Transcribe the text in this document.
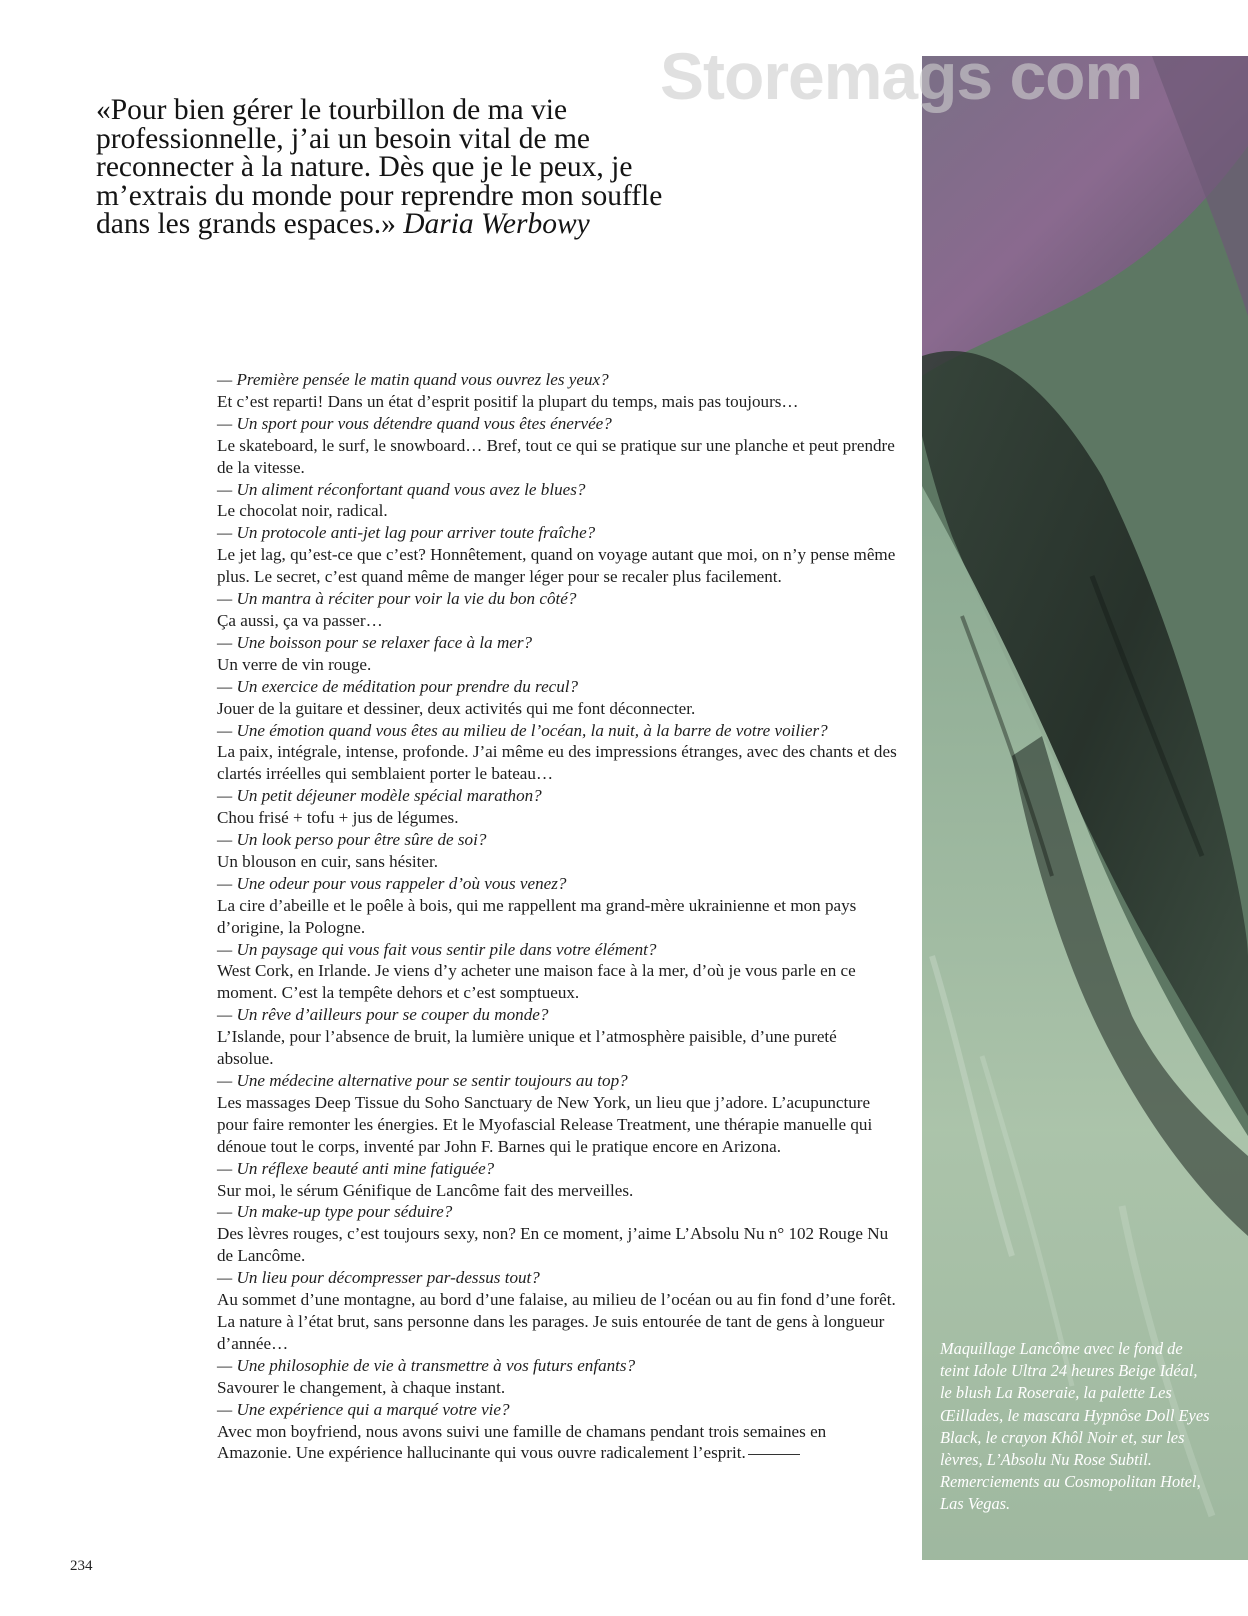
Storemags com

«Pour bien gérer le tourbillon de ma vie professionnelle, j’ai un besoin vital de me reconnecter à la nature. Dès que je le peux, je m’extrais du monde pour reprendre mon souffle dans les grands espaces.» Daria Werbowy

— Première pensée le matin quand vous ouvrez les yeux?

Et c’est reparti! Dans un état d’esprit positif la plupart du temps, mais pas toujours…

— Un sport pour vous détendre quand vous êtes énervée?

Le skateboard, le surf, le snowboard… Bref, tout ce qui se pratique sur une planche et peut prendre de la vitesse.

— Un aliment réconfortant quand vous avez le blues?

Le chocolat noir, radical.

— Un protocole anti-jet lag pour arriver toute fraîche?

Le jet lag, qu’est-ce que c’est? Honnêtement, quand on voyage autant que moi, on n’y pense même plus. Le secret, c’est quand même de manger léger pour se recaler plus facilement.

— Un mantra à réciter pour voir la vie du bon côté?

Ça aussi, ça va passer…

— Une boisson pour se relaxer face à la mer?

Un verre de vin rouge.

— Un exercice de méditation pour prendre du recul?

Jouer de la guitare et dessiner, deux activités qui me font déconnecter.

— Une émotion quand vous êtes au milieu de l’océan, la nuit, à la barre de votre voilier?

La paix, intégrale, intense, profonde. J’ai même eu des impressions étranges, avec des chants et des clartés irréelles qui semblaient porter le bateau…

— Un petit déjeuner modèle spécial marathon?

Chou frisé + tofu + jus de légumes.

— Un look perso pour être sûre de soi?

Un blouson en cuir, sans hésiter.

— Une odeur pour vous rappeler d’où vous venez?

La cire d’abeille et le poêle à bois, qui me rappellent ma grand-mère ukrainienne et mon pays d’origine, la Pologne.

— Un paysage qui vous fait vous sentir pile dans votre élément?

West Cork, en Irlande. Je viens d’y acheter une maison face à la mer, d’où je vous parle en ce moment. C’est la tempête dehors et c’est somptueux.

— Un rêve d’ailleurs pour se couper du monde?

L’Islande, pour l’absence de bruit, la lumière unique et l’atmosphère paisible, d’une pureté absolue.

— Une médecine alternative pour se sentir toujours au top?

Les massages Deep Tissue du Soho Sanctuary de New York, un lieu que j’adore. L’acupuncture pour faire remonter les énergies. Et le Myofascial Release Treatment, une thérapie manuelle qui dénoue tout le corps, inventé par John F. Barnes qui le pratique encore en Arizona.

— Un réflexe beauté anti mine fatiguée?

Sur moi, le sérum Génifique de Lancôme fait des merveilles.

— Un make-up type pour séduire?

Des lèvres rouges, c’est toujours sexy, non? En ce moment, j’aime L’Absolu Nu n° 102 Rouge Nu de Lancôme.

— Un lieu pour décompresser par-dessus tout?

Au sommet d’une montagne, au bord d’une falaise, au milieu de l’océan ou au fin fond d’une forêt. La nature à l’état brut, sans personne dans les parages. Je suis entourée de tant de gens à longueur d’année…

— Une philosophie de vie à transmettre à vos futurs enfants?

Savourer le changement, à chaque instant.

— Une expérience qui a marqué votre vie?

Avec mon boyfriend, nous avons suivi une famille de chamans pendant trois semaines en Amazonie. Une expérience hallucinante qui vous ouvre radicalement l’esprit.

Maquillage Lancôme avec le fond de teint Idole Ultra 24 heures Beige Idéal, le blush La Roseraie, la palette Les Œillades, le mascara Hypnôse Doll Eyes Black, le crayon Khôl Noir et, sur les lèvres, L’Absolu Nu Rose Subtil. Remerciements au Cosmopolitan Hotel, Las Vegas.

234
